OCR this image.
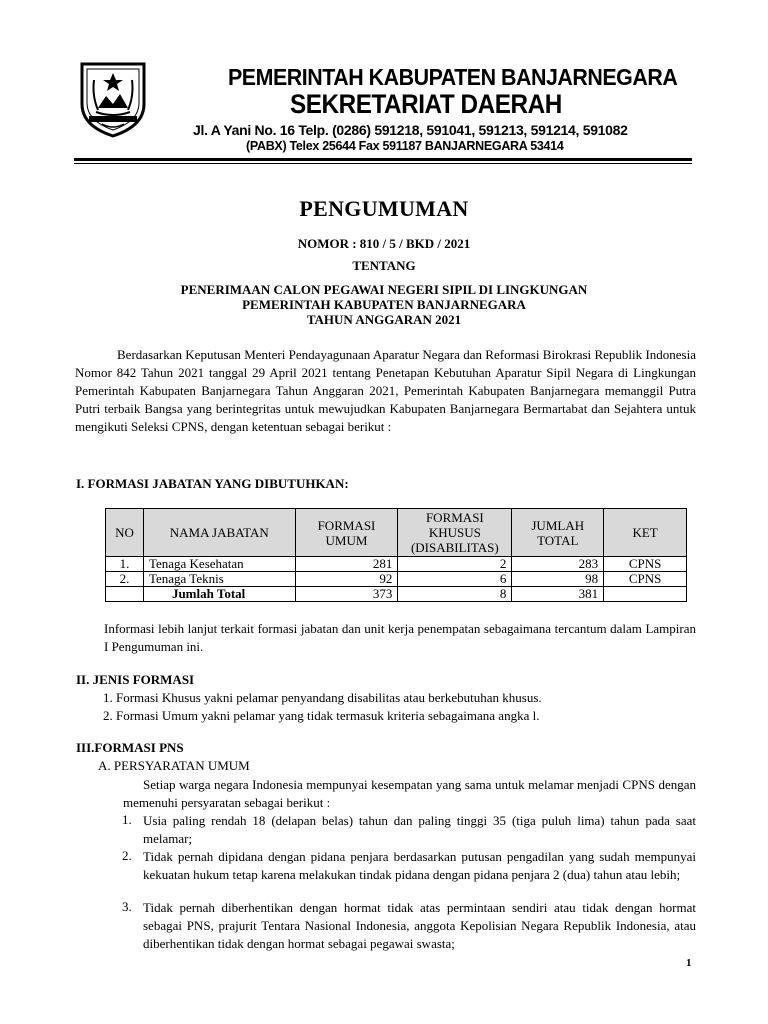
PEMERINTAH KABUPATEN BANJARNEGARA
SEKRETARIAT DAERAH
Jl. A Yani No. 16 Telp. (0286) 591218, 591041, 591213, 591214, 591082
(PABX) Telex 25644 Fax 591187 BANJARNEGARA 53414
PENGUMUMAN
NOMOR : 810 / 5 / BKD / 2021
TENTANG
PENERIMAAN CALON PEGAWAI NEGERI SIPIL DI LINGKUNGAN
PEMERINTAH KABUPATEN BANJARNEGARA
TAHUN ANGGARAN 2021
Berdasarkan Keputusan Menteri Pendayagunaan Aparatur Negara dan Reformasi Birokrasi Republik Indonesia Nomor 842 Tahun 2021 tanggal 29 April 2021 tentang Penetapan Kebutuhan Aparatur Sipil Negara di Lingkungan Pemerintah Kabupaten Banjarnegara Tahun Anggaran 2021, Pemerintah Kabupaten Banjarnegara memanggil Putra Putri terbaik Bangsa yang berintegritas untuk mewujudkan Kabupaten Banjarnegara Bermartabat dan Sejahtera untuk mengikuti Seleksi CPNS, dengan ketentuan sebagai berikut :
I. FORMASI JABATAN YANG DIBUTUHKAN:
NO	NAMA JABATAN	FORMASI UMUM	FORMASI KHUSUS (DISABILITAS)	JUMLAH TOTAL	KET
1.	Tenaga Kesehatan	281	2	283	CPNS
2.	Tenaga Teknis	92	6	98	CPNS
	Jumlah Total	373	8	381	
Informasi lebih lanjut terkait formasi jabatan dan unit kerja penempatan sebagaimana tercantum dalam Lampiran I Pengumuman ini.
II. JENIS FORMASI
1. Formasi Khusus yakni pelamar penyandang disabilitas atau berkebutuhan khusus.
2. Formasi Umum yakni pelamar yang tidak termasuk kriteria sebagaimana angka l.
III.FORMASI PNS
A. PERSYARATAN UMUM
Setiap warga negara Indonesia mempunyai kesempatan yang sama untuk melamar menjadi CPNS dengan memenuhi persyaratan sebagai berikut :
1. Usia paling rendah 18 (delapan belas) tahun dan paling tinggi 35 (tiga puluh lima) tahun pada saat melamar;
2. Tidak pernah dipidana dengan pidana penjara berdasarkan putusan pengadilan yang sudah mempunyai kekuatan hukum tetap karena melakukan tindak pidana dengan pidana penjara 2 (dua) tahun atau lebih;
3. Tidak pernah diberhentikan dengan hormat tidak atas permintaan sendiri atau tidak dengan hormat sebagai PNS, prajurit Tentara Nasional Indonesia, anggota Kepolisian Negara Republik Indonesia, atau diberhentikan tidak dengan hormat sebagai pegawai swasta;
1
